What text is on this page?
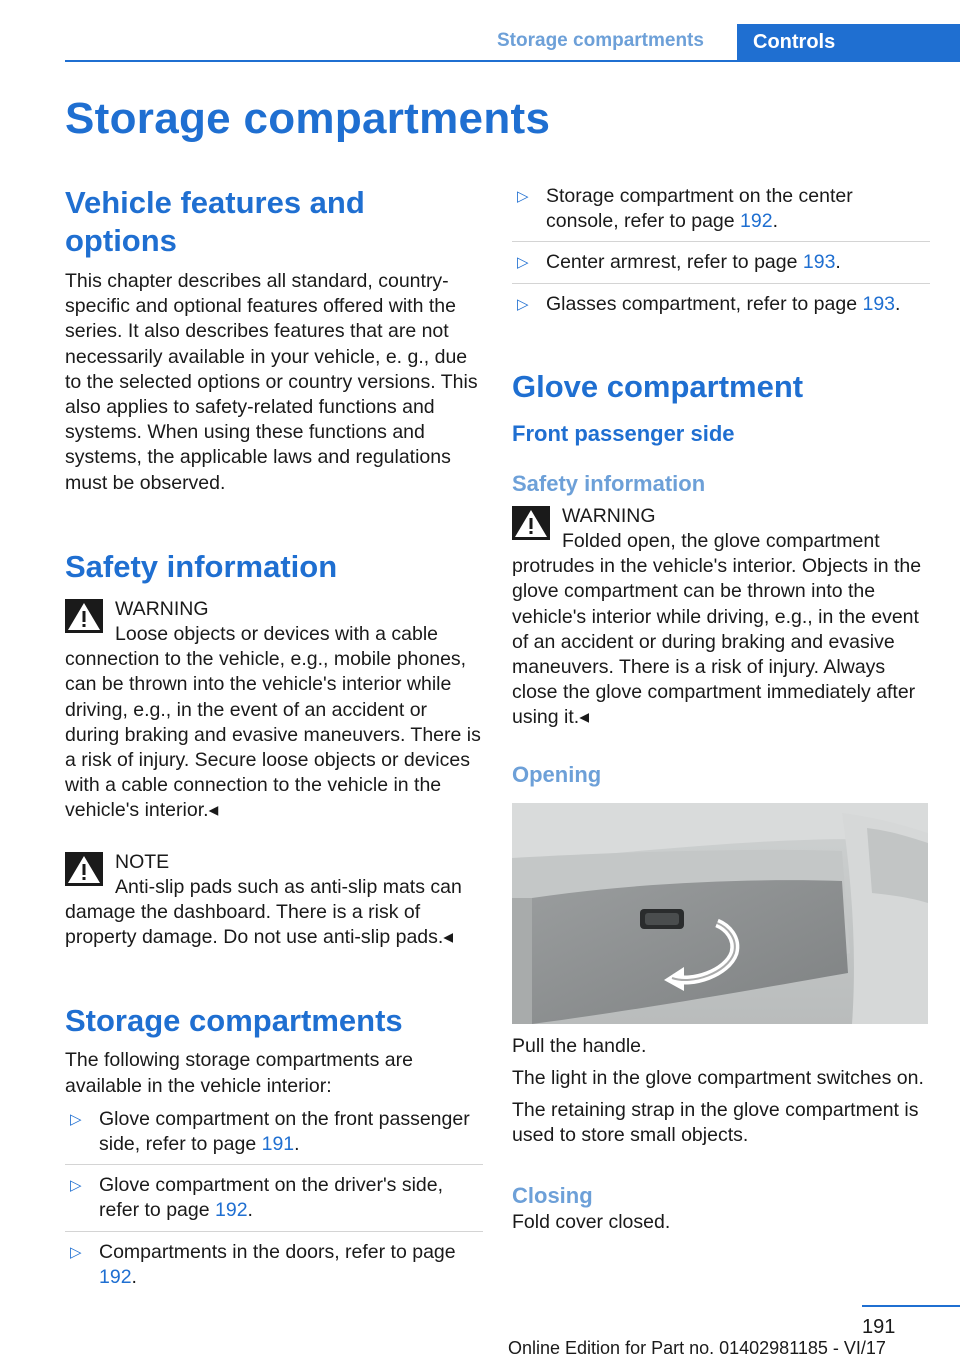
Storage compartments	Controls
Storage compartments
Vehicle features and options

This chapter describes all standard, country-specific and optional features offered with the series. It also describes features that are not necessarily available in your vehicle, e. g., due to the selected options or country versions. This also applies to safety-related functions and systems. When using these functions and systems, the applicable laws and regulations must be observed.

Safety information
WARNING
Loose objects or devices with a cable connection to the vehicle, e.g., mobile phones, can be thrown into the vehicle's interior while driving, e.g., in the event of an accident or during braking and evasive maneuvers. There is a risk of injury. Secure loose objects or devices with a cable connection to the vehicle in the vehicle's interior.◂
NOTE
Anti-slip pads such as anti-slip mats can damage the dashboard. There is a risk of property damage. Do not use anti-slip pads.◂
Storage compartments

The following storage compartments are available in the vehicle interior:

▷ Glove compartment on the front passenger side, refer to page 191.
▷ Glove compartment on the driver's side, refer to page 192.
▷ Compartments in the doors, refer to page 192.
▷ Storage compartment on the center console, refer to page 192.
▷ Center armrest, refer to page 193.
▷ Glasses compartment, refer to page 193.
Glove compartment
Front passenger side
Safety information
WARNING
Folded open, the glove compartment protrudes in the vehicle's interior. Objects in the glove compartment can be thrown into the vehicle's interior while driving, e.g., in the event of an accident or during braking and evasive maneuvers. There is a risk of injury. Always close the glove compartment immediately after using it.◂
Opening

Pull the handle.

The light in the glove compartment switches on.

The retaining strap in the glove compartment is used to store small objects.

Closing

Fold cover closed.

191
Online Edition for Part no. 01402981185 - VI/17
